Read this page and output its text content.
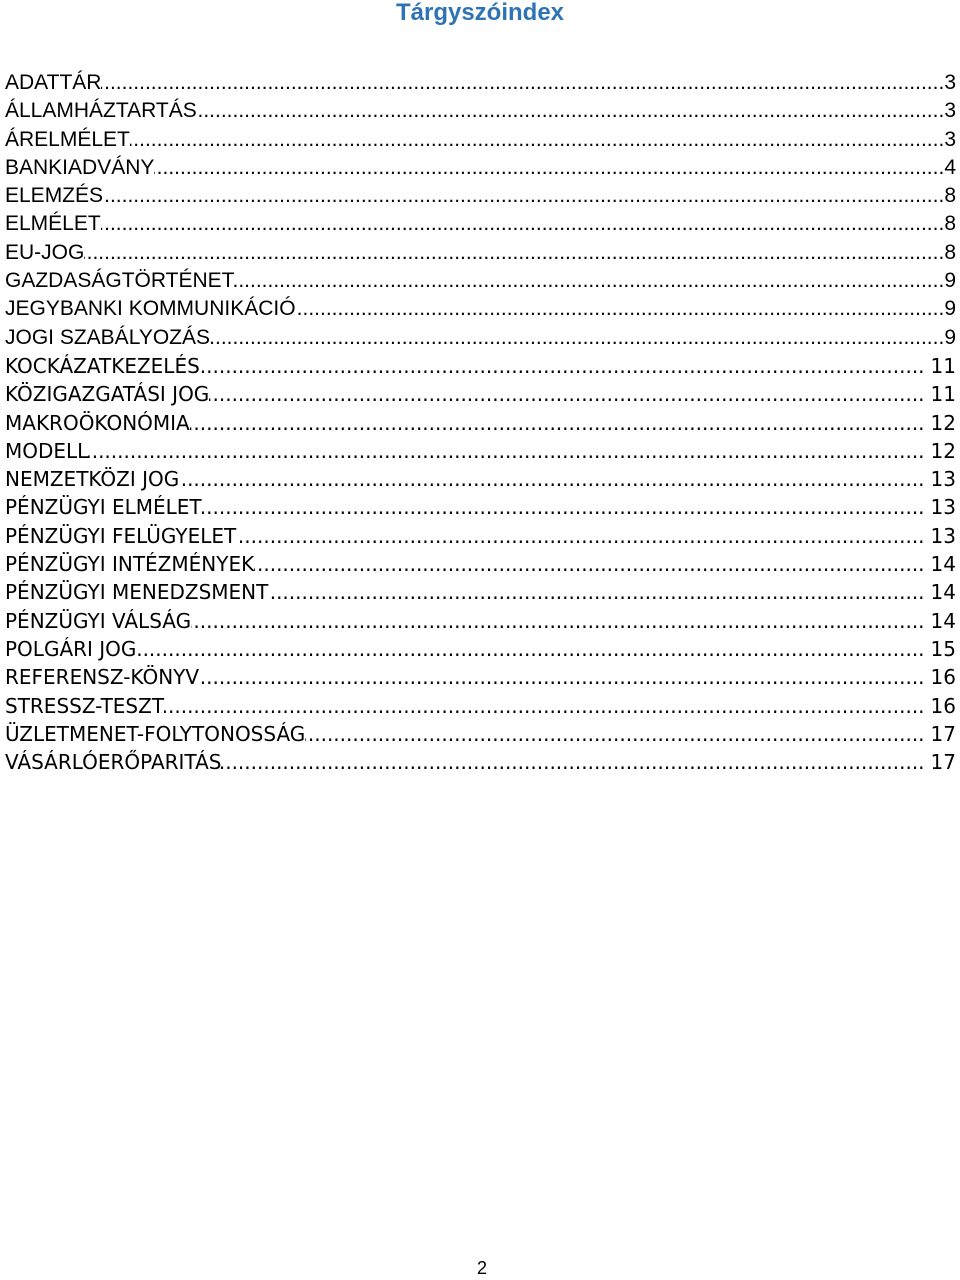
Tárgyszóindex
ADATTÁR .....	3
ÁLLAMHÁZTARTÁS .....	3
ÁRELMÉLET .....	3
BANKIADVÁNY .....	4
ELEMZÉS .....	8
ELMÉLET .....	8
EU-JOG .....	8
GAZDASÁGTÖRTÉNET .....	9
JEGYBANKI KOMMUNIKÁCIÓ .....	9
JOGI SZABÁLYOZÁS .....	9
KOCKÁZATKEZELÉS .....	11
KÖZIGAZGATÁSI JOG .....	11
MAKROÖKONÓMIA .....	12
MODELL .....	12
NEMZETKÖZI JOG .....	13
PÉNZÜGYI ELMÉLET .....	13
PÉNZÜGYI FELÜGYELET .....	13
PÉNZÜGYI INTÉZMÉNYEK .....	14
PÉNZÜGYI MENEDZSMENT .....	14
PÉNZÜGYI VÁLSÁG .....	14
POLGÁRI JOG .....	15
REFERENSZ-KÖNYV .....	16
STRESSZ-TESZT .....	16
ÜZLETMENET-FOLYTONOSSÁG .....	17
VÁSÁRLÓERŐPARITÁS .....	17
2
